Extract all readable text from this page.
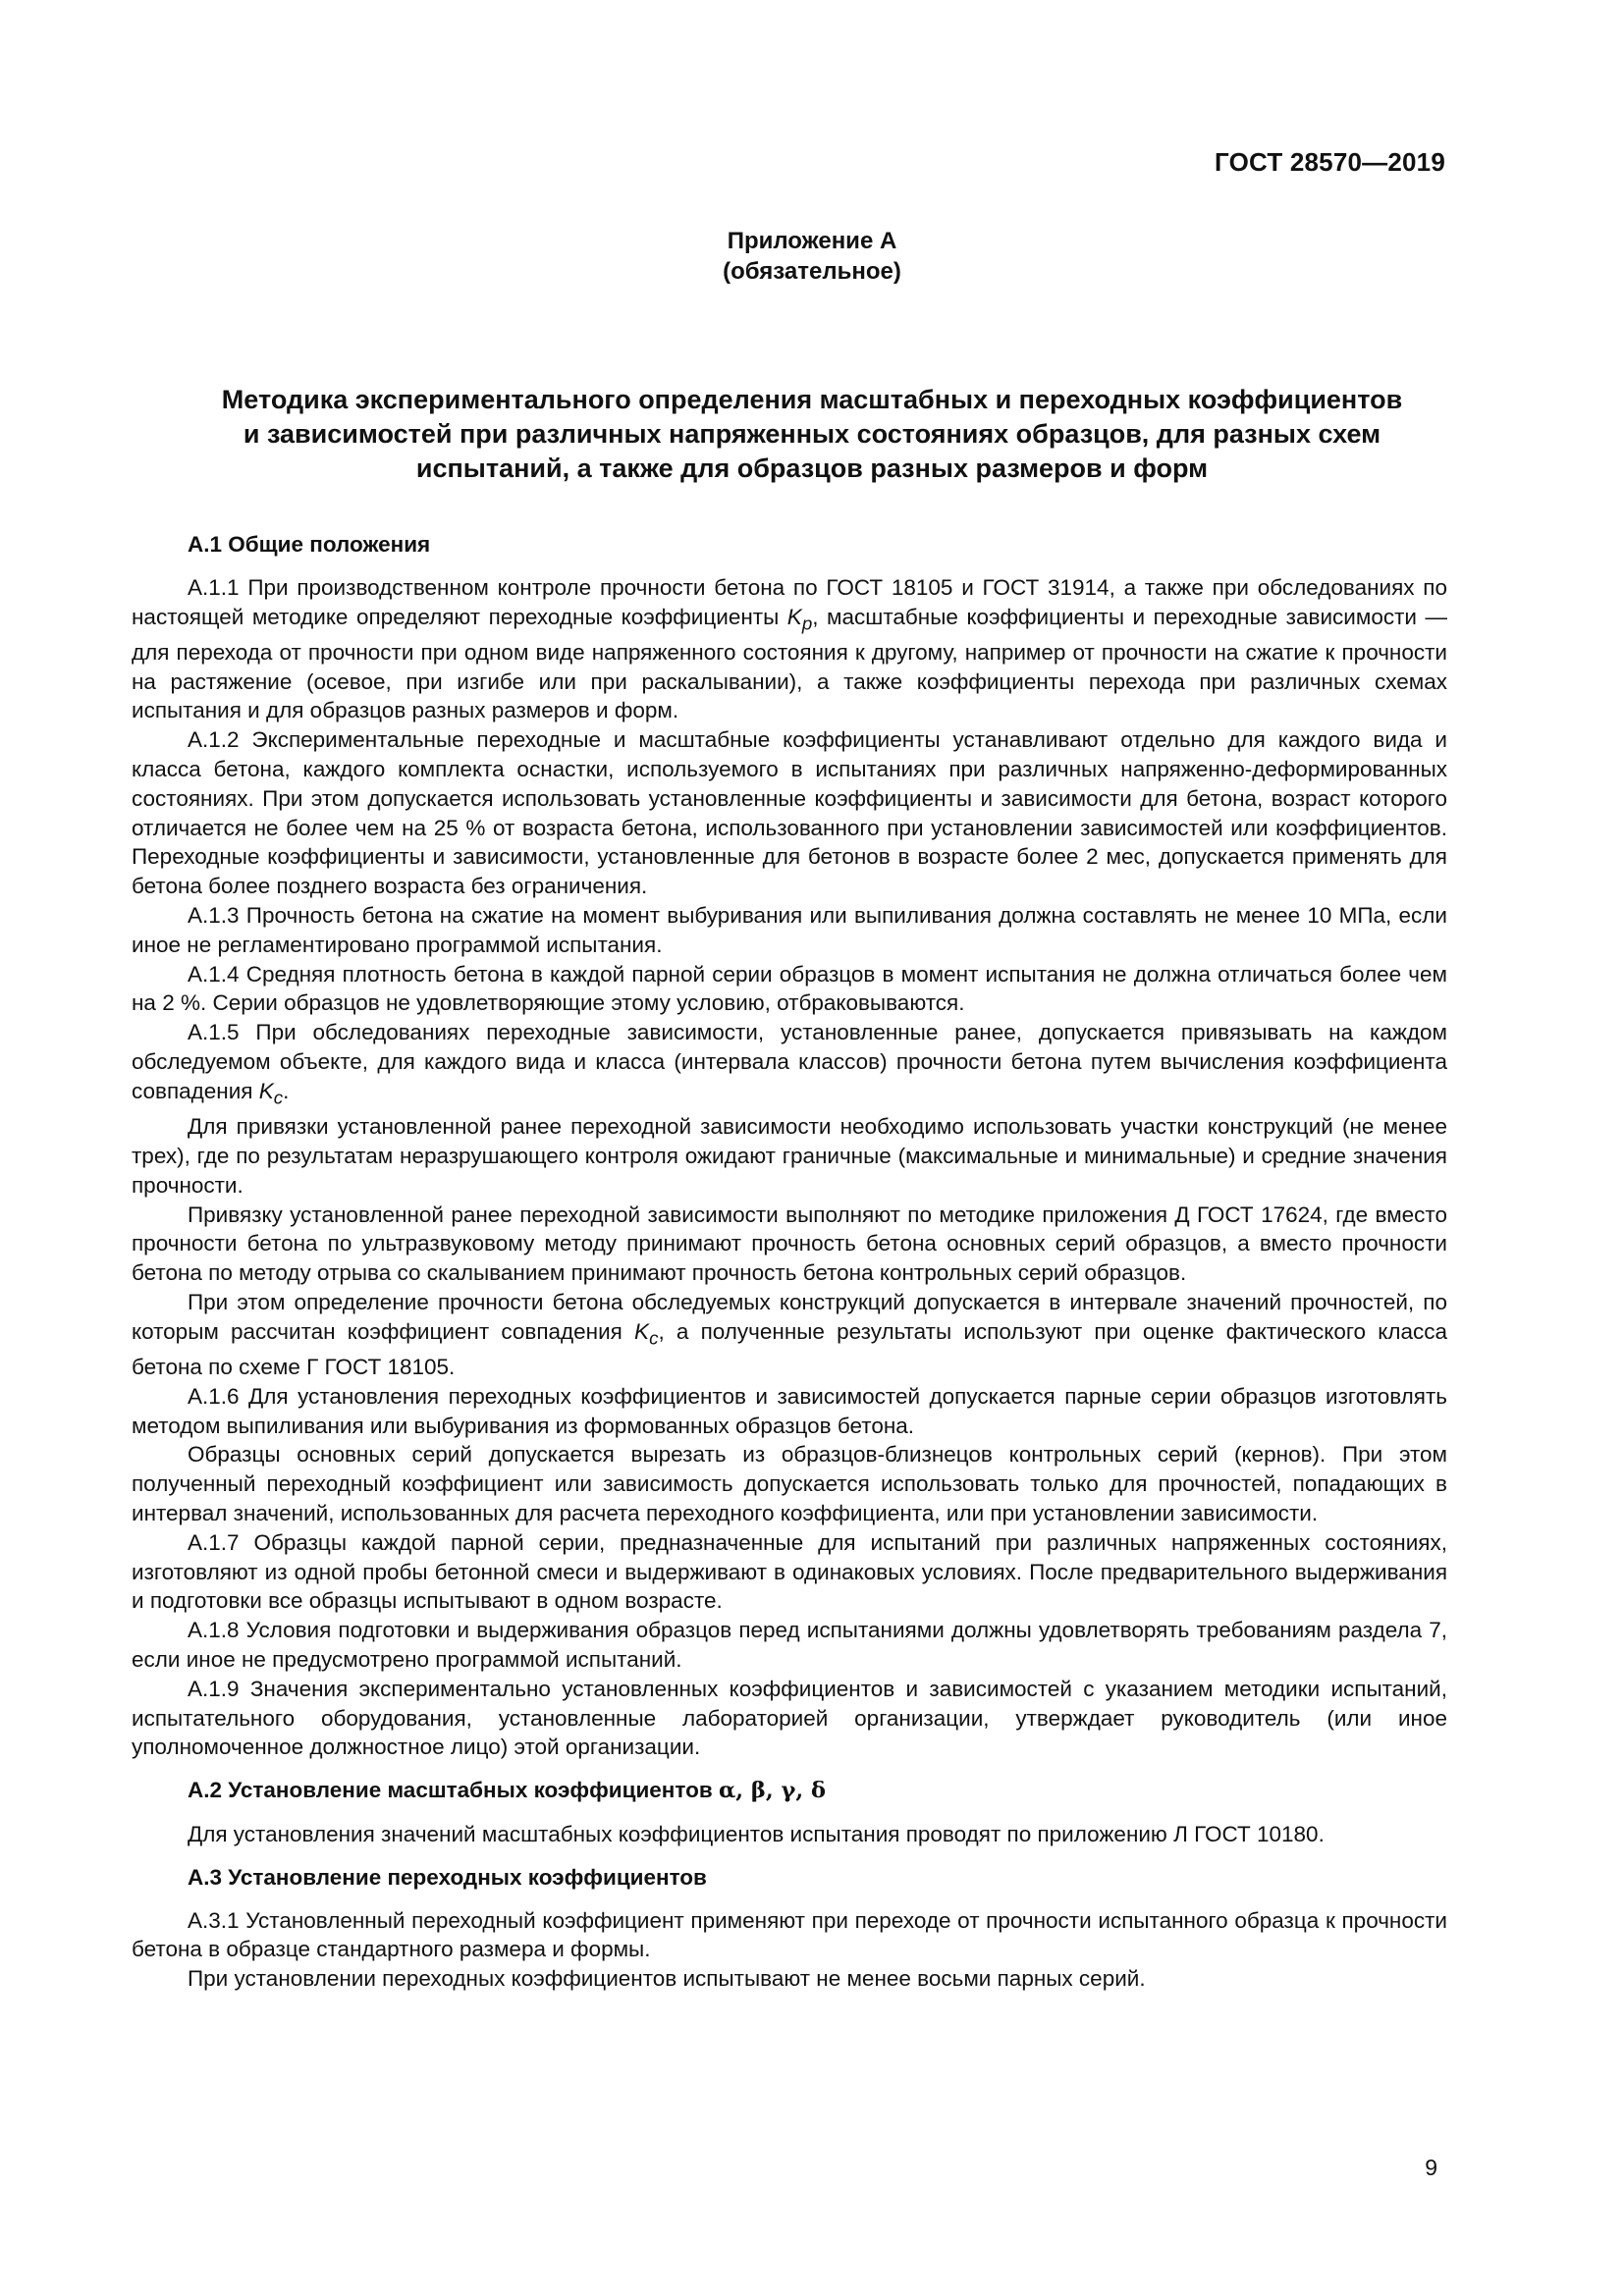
ГОСТ 28570—2019
Приложение А
(обязательное)
Методика экспериментального определения масштабных и переходных коэффициентов
и зависимостей при различных напряженных состояниях образцов, для разных схем
испытаний, а также для образцов разных размеров и форм
А.1 Общие положения

А.1.1 При производственном контроле прочности бетона по ГОСТ 18105 и ГОСТ 31914, а также при обследованиях по настоящей методике определяют переходные коэффициенты $K_p$, масштабные коэффициенты и переходные зависимости — для перехода от прочности при одном виде напряженного состояния к другому, например от прочности на сжатие к прочности на растяжение (осевое, при изгибе или при раскалывании), а также коэффициенты перехода при различных схемах испытания и для образцов разных размеров и форм.

А.1.2 Экспериментальные переходные и масштабные коэффициенты устанавливают отдельно для каждого вида и класса бетона, каждого комплекта оснастки, используемого в испытаниях при различных напряженно-деформированных состояниях. При этом допускается использовать установленные коэффициенты и зависимости для бетона, возраст которого отличается не более чем на 25 % от возраста бетона, использованного при установлении зависимостей или коэффициентов. Переходные коэффициенты и зависимости, установленные для бетонов в возрасте более 2 мес, допускается применять для бетона более позднего возраста без ограничения.

А.1.3 Прочность бетона на сжатие на момент выбуривания или выпиливания должна составлять не менее 10 МПа, если иное не регламентировано программой испытания.

А.1.4 Средняя плотность бетона в каждой парной серии образцов в момент испытания не должна отличаться более чем на 2 %. Серии образцов не удовлетворяющие этому условию, отбраковываются.

А.1.5 При обследованиях переходные зависимости, установленные ранее, допускается привязывать на каждом обследуемом объекте, для каждого вида и класса (интервала классов) прочности бетона путем вычисления коэффициента совпадения $K_c$.

Для привязки установленной ранее переходной зависимости необходимо использовать участки конструкций (не менее трех), где по результатам неразрушающего контроля ожидают граничные (максимальные и минимальные) и средние значения прочности.

Привязку установленной ранее переходной зависимости выполняют по методике приложения Д ГОСТ 17624, где вместо прочности бетона по ультразвуковому методу принимают прочность бетона основных серий образцов, а вместо прочности бетона по методу отрыва со скалыванием принимают прочность бетона контрольных серий образцов.

При этом определение прочности бетона обследуемых конструкций допускается в интервале значений прочностей, по которым рассчитан коэффициент совпадения $K_c$, а полученные результаты используют при оценке фактического класса бетона по схеме Г ГОСТ 18105.

А.1.6 Для установления переходных коэффициентов и зависимостей допускается парные серии образцов изготовлять методом выпиливания или выбуривания из формованных образцов бетона.

Образцы основных серий допускается вырезать из образцов-близнецов контрольных серий (кернов). При этом полученный переходный коэффициент или зависимость допускается использовать только для прочностей, попадающих в интервал значений, использованных для расчета переходного коэффициента, или при установлении зависимости.

А.1.7 Образцы каждой парной серии, предназначенные для испытаний при различных напряженных состояниях, изготовляют из одной пробы бетонной смеси и выдерживают в одинаковых условиях. После предварительного выдерживания и подготовки все образцы испытывают в одном возрасте.

А.1.8 Условия подготовки и выдерживания образцов перед испытаниями должны удовлетворять требованиям раздела 7, если иное не предусмотрено программой испытаний.

А.1.9 Значения экспериментально установленных коэффициентов и зависимостей с указанием методики испытаний, испытательного оборудования, установленные лабораторией организации, утверждает руководитель (или иное уполномоченное должностное лицо) этой организации.

А.2 Установление масштабных коэффициентов α, β, γ, δ

Для установления значений масштабных коэффициентов испытания проводят по приложению Л ГОСТ 10180.

А.3 Установление переходных коэффициентов

А.3.1 Установленный переходный коэффициент применяют при переходе от прочности испытанного образца к прочности бетона в образце стандартного размера и формы.

При установлении переходных коэффициентов испытывают не менее восьми парных серий.

9
